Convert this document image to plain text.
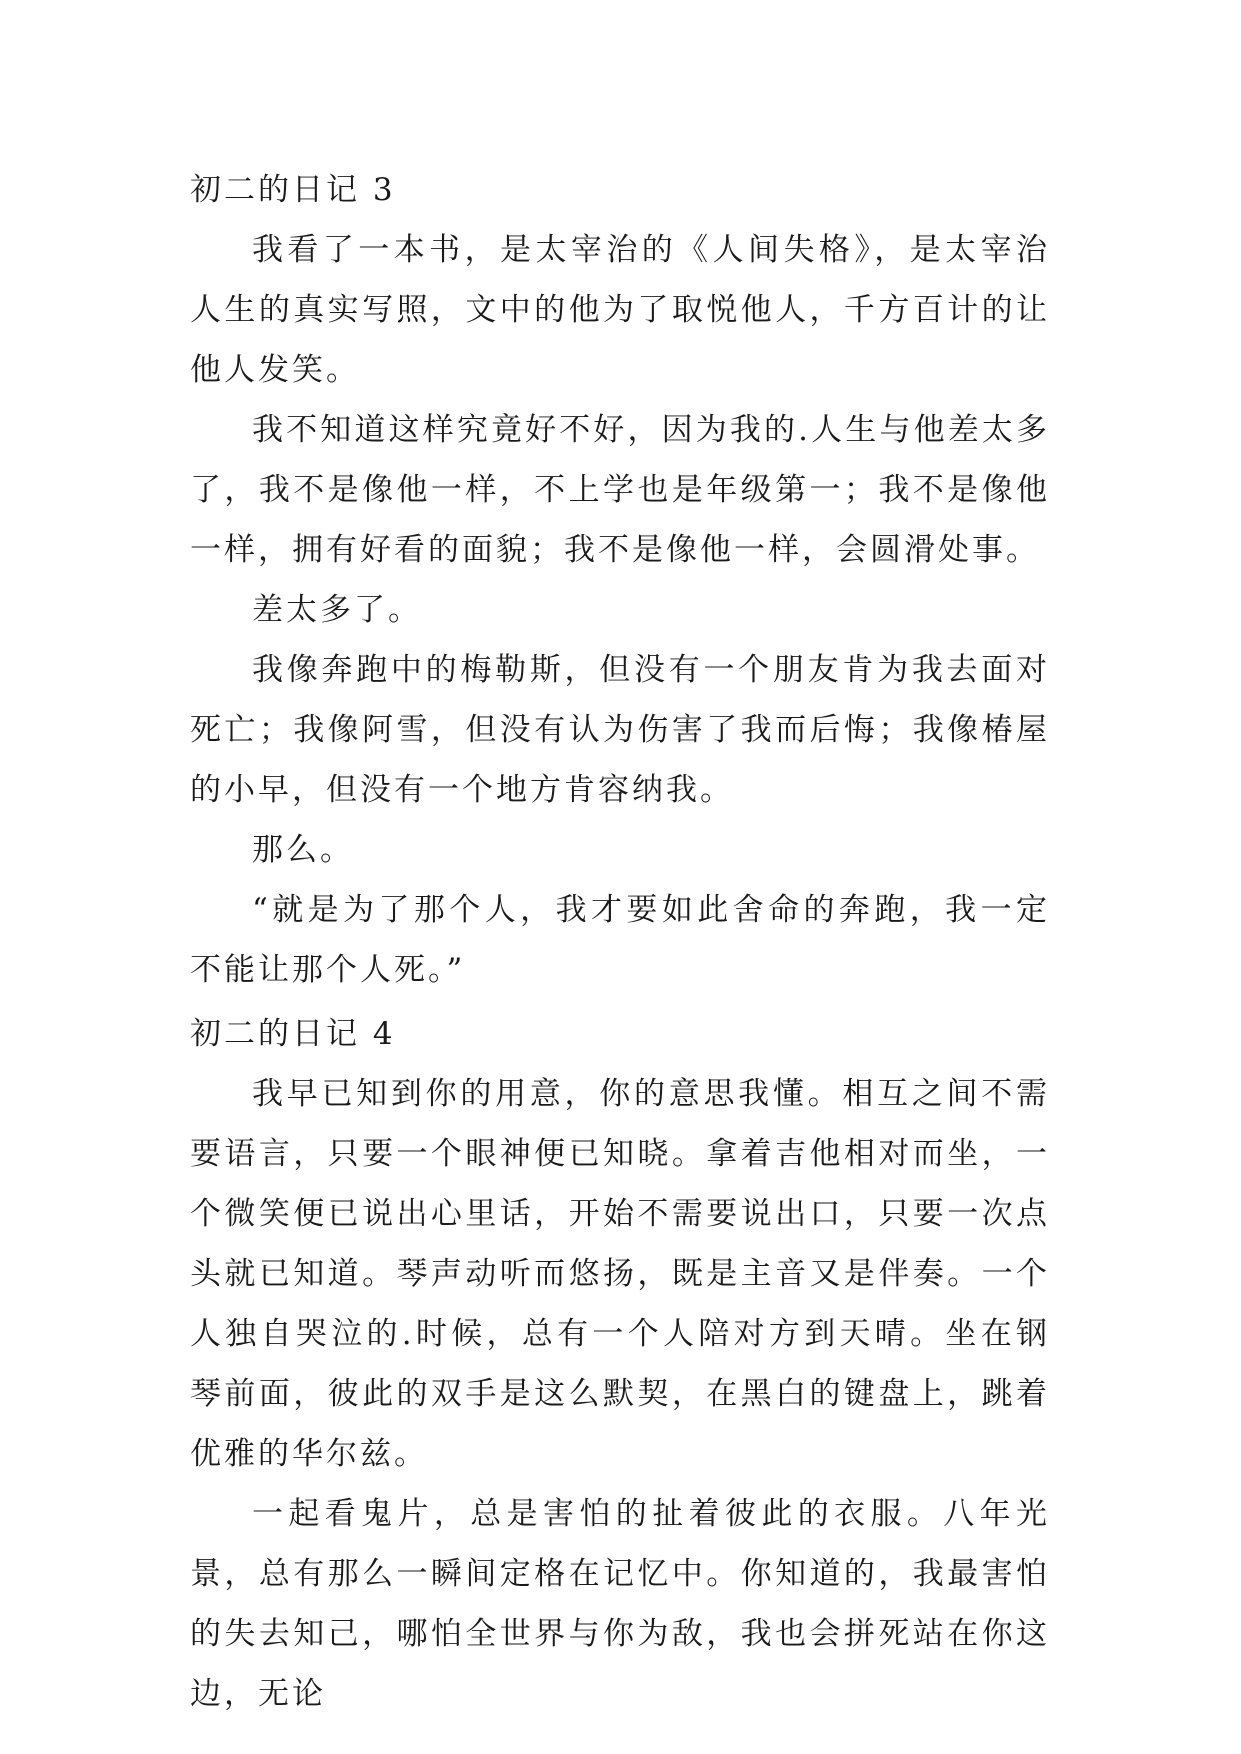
初二的日记 3

我看了一本书，是太宰治的《人间失格》，是太宰治人生的真实写照，文中的他为了取悦他人，千方百计的让他人发笑。

我不知道这样究竟好不好，因为我的.人生与他差太多了，我不是像他一样，不上学也是年级第一；我不是像他一样，拥有好看的面貌；我不是像他一样，会圆滑处事。

差太多了。

我像奔跑中的梅勒斯，但没有一个朋友肯为我去面对死亡；我像阿雪，但没有认为伤害了我而后悔；我像椿屋的小早，但没有一个地方肯容纳我。

那么。

“就是为了那个人，我才要如此舍命的奔跑，我一定不能让那个人死。”

初二的日记 4

我早已知到你的用意，你的意思我懂。相互之间不需要语言，只要一个眼神便已知晓。拿着吉他相对而坐，一个微笑便已说出心里话，开始不需要说出口，只要一次点头就已知道。琴声动听而悠扬，既是主音又是伴奏。一个人独自哭泣的.时候，总有一个人陪对方到天晴。坐在钢琴前面，彼此的双手是这么默契，在黑白的键盘上，跳着优雅的华尔兹。

一起看鬼片，总是害怕的扯着彼此的衣服。八年光景，总有那么一瞬间定格在记忆中。你知道的，我最害怕的失去知己，哪怕全世界与你为敌，我也会拼死站在你这边，无论
